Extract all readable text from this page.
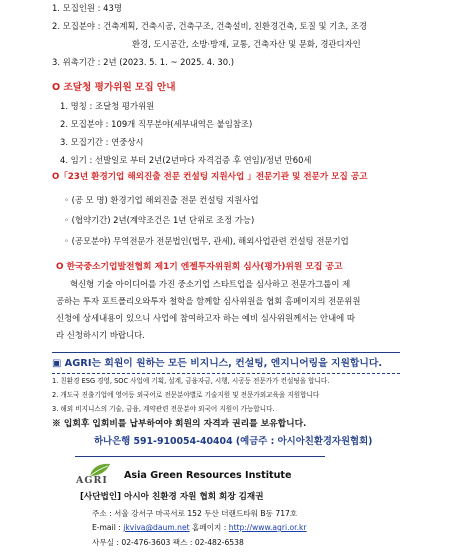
1. 모집인원 : 43명
2. 모집분야 : 건축계획, 건축시공, 건축구조, 건축설비, 친환경건축, 토질 및 기초, 조경
환경, 도시공간, 소방·방재, 교통, 건축자산 및 문화, 경관디자인
3. 위촉기간 : 2년 (2023. 5. 1. ~ 2025. 4. 30.)
O 조달청 평가위원 모집 안내
1. 명칭 : 조달청 평가위원
2. 모집분야 : 109개 직무분야(세부내역은 붙임참조)
3. 모집기간 : 연중상시
4. 임기 : 선발일로 부터 2년(2년마다 자격검증 후 연임)/정년 만60세
O「23년 환경기업 해외진출 전문 컨설팅 지원사업 」전문기관 및 전문가 모집 공고
◦ (공 모 명) 환경기업 해외진출 전문 컨설팅 지원사업
◦ (협약기간) 2년(계약조건은 1년 단위로 조정 가능)
◦ (공모분야) 무역전문가 전문법인(법무, 관세), 해외사업관련 컨설팅 전문기업
O 한국중소기업발전협회 제1기 엔젤투자위원회 심사(평가)위원 모집 공고
혁신형 기술 아이디어를 가진 중소기업 스타트업을 심사하고 전문가그룹이 제
공하는 투자 포트폴리오와투자 철학을 함께할 심사위원을 협회 홈페이지의 전문위원
신청에 상세내용이 있으니 사업에 참여하고자 하는 예비 심사위원께서는 안내에 따
라 신청하시기 바랍니다.
▣ AGRI는 회원이 원하는 모든 비지니스, 컨설팅, 엔지니어링을 지원합니다.
1. 친환경 ESG 경영, SOC 사업에 기획, 설계, 금융자금, 시행, 시공등 전문가가 컨설팅을 합니다.
2. 개도국 진출기업에 영어등 외국어로 전문분야별로 기술지원 및 전문가외교육을 지원합니다
3. 해외 비지니스의 기술, 금융, 계약관련 전문분야 외국어 지원이 가능합니다.
※ 입회후 입회비를 납부하여야 회원의 자격과 권리를 보유합니다.
하나은행 591-910054-40404 (예금주 : 아시아친환경자원협회)
AGRI Asia Green Resources Institute
[사단법인] 아시아 친환경 자원 협회 회장 김재권
주소 : 서울 강서구 마곡서로 152 두산 더랜드타워 B동 717호
E-mail : jkviva@daum.net 홈페이지 : http://www.agri.or.kr
사무실 : 02-476-3603 팩스 : 02-482-6538
